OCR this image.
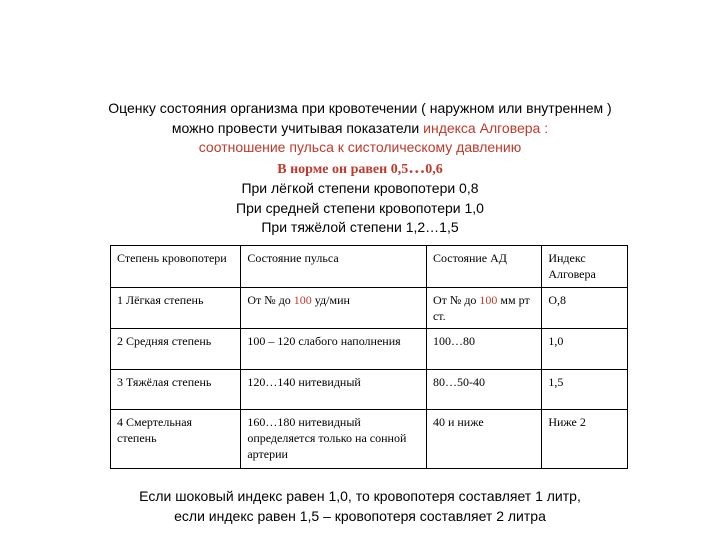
Оценку состояния организма при кровотечении ( наружном или внутреннем )
можно провести учитывая показатели индекса Алговера :
соотношение пульса к систолическому давлению
В норме он равен 0,5…0,6
При лёгкой степени кровопотери 0,8
При средней степени кровопотери 1,0
При тяжёлой степени 1,2…1,5
Степень кровопотери	Состояние пульса	Состояние АД	Индекс Алговера
1 Лёгкая степень	От № до 100 уд/мин	От № до 100 мм рт ст.	О,8
2 Средняя степень	100 – 120 слабого наполнения	100…80	1,0
3 Тяжёлая степень	120…140 нитевидный	80…50-40	1,5
4 Смертельная степень	160…180 нитевидный определяется только на сонной артерии	40 и ниже	Ниже 2
Если шоковый индекс равен 1,0, то кровопотеря составляет 1 литр,
если индекс равен 1,5 – кровопотеря составляет 2 литра
